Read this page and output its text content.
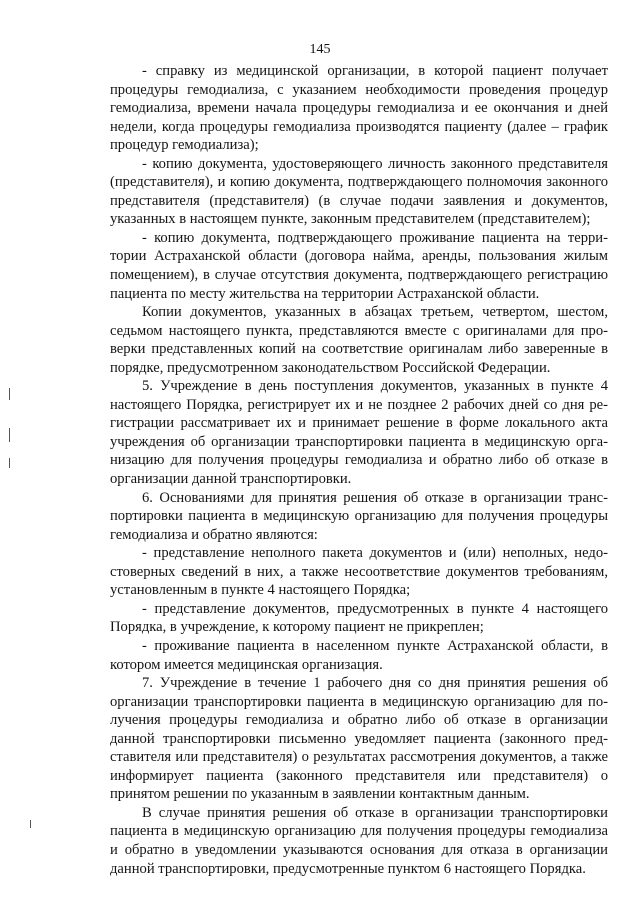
145

- справку из медицинской организации, в которой пациент получает процедуры гемодиализа, с указанием необходимости проведения процедур гемодиализа, времени начала процедуры гемодиализа и ее окончания и дней недели, когда процедуры гемодиализа производятся пациенту (далее – график процедур гемодиализа);

- копию документа, удостоверяющего личность законного представителя (представителя), и копию документа, подтверждающего полномочия законного представителя (представителя) (в случае подачи заявления и документов, указанных в настоящем пункте, законным представителем (представителем);

- копию документа, подтверждающего проживание пациента на территории Астраханской области (договора найма, аренды, пользования жилым помещением), в случае отсутствия документа, подтверждающего регистрацию пациента по месту жительства на территории Астраханской области.

Копии документов, указанных в абзацах третьем, четвертом, шестом, седьмом настоящего пункта, представляются вместе с оригиналами для проверки представленных копий на соответствие оригиналам либо заверенные в порядке, предусмотренном законодательством Российской Федерации.

5. Учреждение в день поступления документов, указанных в пункте 4 настоящего Порядка, регистрирует их и не позднее 2 рабочих дней со дня регистрации рассматривает их и принимает решение в форме локального акта учреждения об организации транспортировки пациента в медицинскую организацию для получения процедуры гемодиализа и обратно либо об отказе в организации данной транспортировки.

6. Основаниями для принятия решения об отказе в организации транспортировки пациента в медицинскую организацию для получения процедуры гемодиализа и обратно являются:

- представление неполного пакета документов и (или) неполных, недостоверных сведений в них, а также несоответствие документов требованиям, установленным в пункте 4 настоящего Порядка;

- представление документов, предусмотренных в пункте 4 настоящего Порядка, в учреждение, к которому пациент не прикреплен;

- проживание пациента в населенном пункте Астраханской области, в котором имеется медицинская организация.

7. Учреждение в течение 1 рабочего дня со дня принятия решения об организации транспортировки пациента в медицинскую организацию для получения процедуры гемодиализа и обратно либо об отказе в организации данной транспортировки письменно уведомляет пациента (законного представителя или представителя) о результатах рассмотрения документов, а также информирует пациента (законного представителя или представителя) о принятом решении по указанным в заявлении контактным данным.

В случае принятия решения об отказе в организации транспортировки пациента в медицинскую организацию для получения процедуры гемодиализа и обратно в уведомлении указываются основания для отказа в организации данной транспортировки, предусмотренные пунктом 6 настоящего Порядка.
